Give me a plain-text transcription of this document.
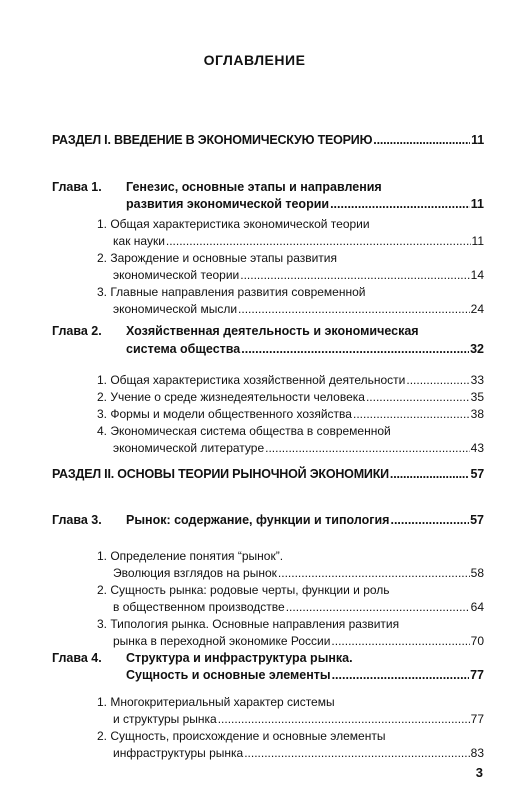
ОГЛАВЛЕНИЕ
РАЗДЕЛ I. ВВЕДЕНИЕ В ЭКОНОМИЧЕСКУЮ ТЕОРИЮ .....	11
Глава 1. Генезис, основные этапы и направления
развития экономической теории .....	11
1. Общая характеристика экономической теории
как науки .....	11
2. Зарождение и основные этапы развития
экономической теории .....	14
3. Главные направления развития современной
экономической мысли .....	24
Глава 2. Хозяйственная деятельность и экономическая
система общества .....	32
1. Общая характеристика хозяйственной деятельности .....	33
2. Учение о среде жизнедеятельности человека .....	35
3. Формы и модели общественного хозяйства .....	38
4. Экономическая система общества в современной
экономической литературе .....	43
РАЗДЕЛ II. ОСНОВЫ ТЕОРИИ РЫНОЧНОЙ ЭКОНОМИКИ .....	57
Глава 3. Рынок: содержание, функции и типология .....	57
1. Определение понятия “рынок”.
Эволюция взглядов на рынок .....	58
2. Сущность рынка: родовые черты, функции и роль
в общественном производстве .....	64
3. Типология рынка. Основные направления развития
рынка в переходной экономике России .....	70
Глава 4. Структура и инфраструктура рынка.
Сущность и основные элементы .....	77
1. Многокритериальный характер системы
и структуры рынка .....	77
2. Сущность, происхождение и основные элементы
инфраструктуры рынка .....	83
3
